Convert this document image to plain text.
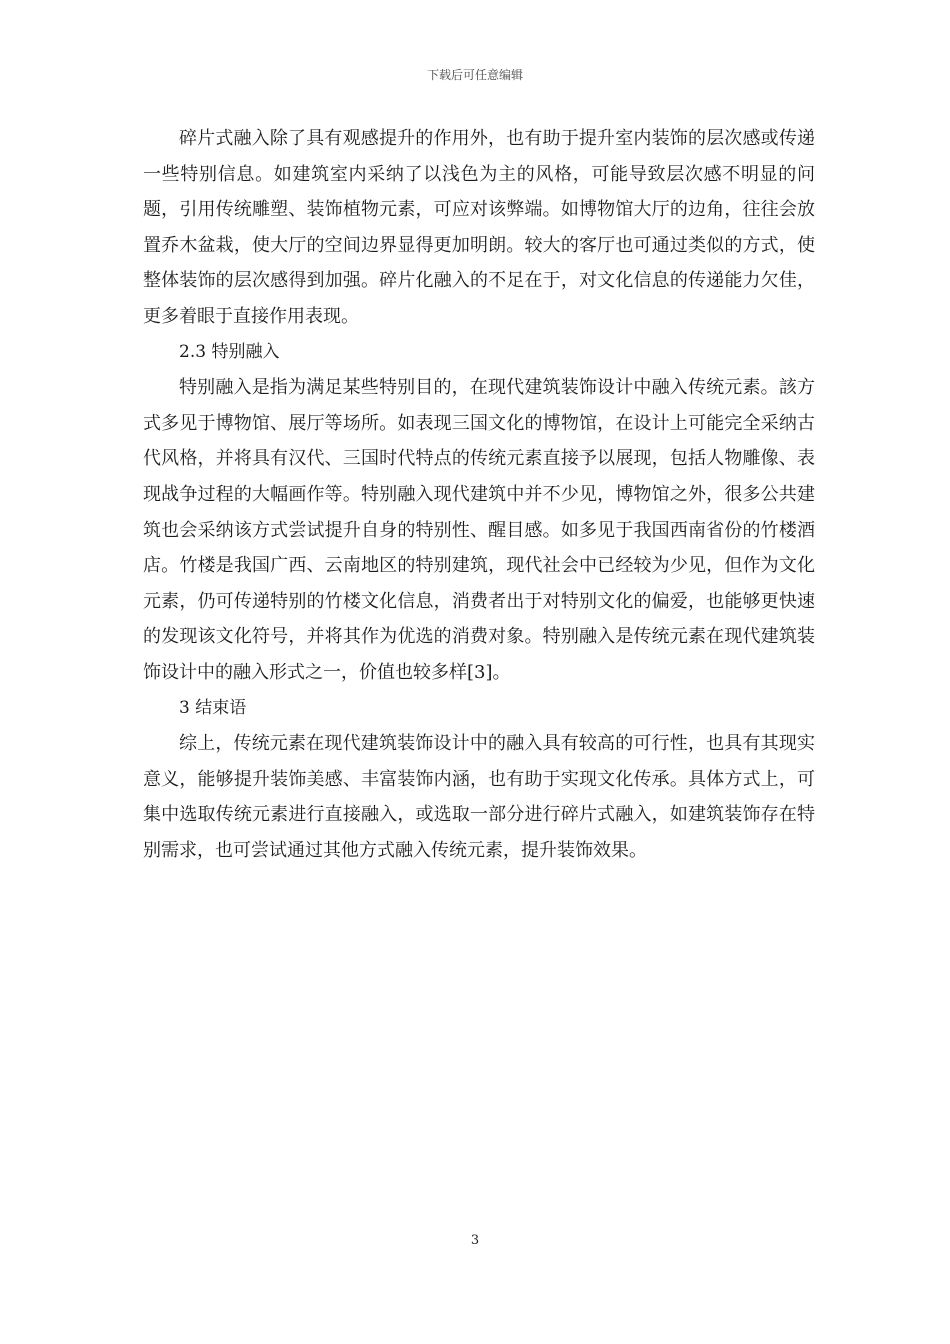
下载后可任意编辑

碎片式融入除了具有观感提升的作用外，也有助于提升室内装饰的层次感或传递一些特别信息。如建筑室内采纳了以浅色为主的风格，可能导致层次感不明显的问题，引用传统雕塑、装饰植物元素，可应对该弊端。如博物馆大厅的边角，往往会放置乔木盆栽，使大厅的空间边界显得更加明朗。较大的客厅也可通过类似的方式，使整体装饰的层次感得到加强。碎片化融入的不足在于，对文化信息的传递能力欠佳，更多着眼于直接作用表现。

2.3 特别融入

特别融入是指为满足某些特别目的，在现代建筑装饰设计中融入传统元素。該方式多见于博物馆、展厅等场所。如表现三国文化的博物馆，在设计上可能完全采纳古代风格，并将具有汉代、三国时代特点的传统元素直接予以展现，包括人物雕像、表现战争过程的大幅画作等。特别融入现代建筑中并不少见，博物馆之外，很多公共建筑也会采纳该方式尝试提升自身的特别性、醒目感。如多见于我国西南省份的竹楼酒店。竹楼是我国广西、云南地区的特别建筑，现代社会中已经较为少见，但作为文化元素，仍可传递特别的竹楼文化信息，消费者出于对特别文化的偏爱，也能够更快速的发现该文化符号，并将其作为优选的消费对象。特别融入是传统元素在现代建筑装饰设计中的融入形式之一，价值也较多样[3]。

3 结束语

综上，传统元素在现代建筑装饰设计中的融入具有较高的可行性，也具有其现实意义，能够提升装饰美感、丰富装饰内涵，也有助于实现文化传承。具体方式上，可集中选取传统元素进行直接融入，或选取一部分进行碎片式融入，如建筑装饰存在特别需求，也可尝试通过其他方式融入传统元素，提升装饰效果。

3
